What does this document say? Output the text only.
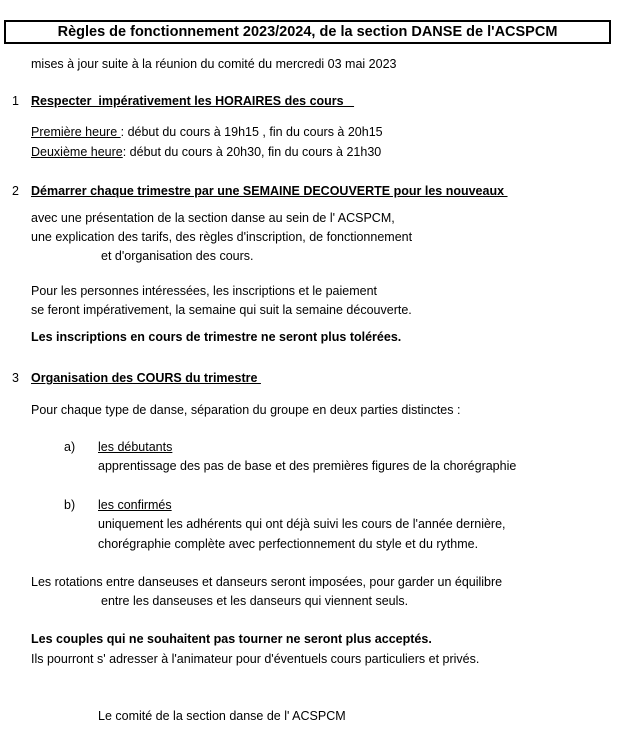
Règles de fonctionnement 2023/2024, de la section DANSE de l'ACSPCM
mises à jour suite à la réunion du comité du mercredi 03 mai 2023
1 Respecter  impérativement les HORAIRES des cours
Première heure : début du cours à 19h15 , fin du cours à 20h15
Deuxième heure: début du cours à 20h30, fin du cours à 21h30
2 Démarrer chaque trimestre par une SEMAINE DECOUVERTE pour les nouveaux
avec une présentation de la section danse au sein de l' ACSPCM,
une explication des tarifs, des règles d'inscription, de fonctionnement
et d'organisation des cours.
Pour les personnes intéressées, les inscriptions et le paiement
se feront impérativement, la semaine qui suit la semaine découverte.
Les inscriptions en cours de trimestre ne seront plus tolérées.
3 Organisation des COURS du trimestre
Pour chaque type de danse, séparation du groupe en deux parties distinctes :
a) les débutants
apprentissage des pas de base et des premières figures de la chorégraphie
b) les confirmés
uniquement les adhérents qui ont déjà suivi les cours de l'année dernière,
chorégraphie complète avec perfectionnement du style et du rythme.
Les rotations entre danseuses et danseurs seront imposées, pour garder un équilibre
entre les danseuses et les danseurs qui viennent seuls.
Les couples qui ne souhaitent pas tourner ne seront plus acceptés.
Ils pourront s' adresser à l'animateur pour d'éventuels cours particuliers et privés.
Le comité de la section danse de l' ACSPCM
